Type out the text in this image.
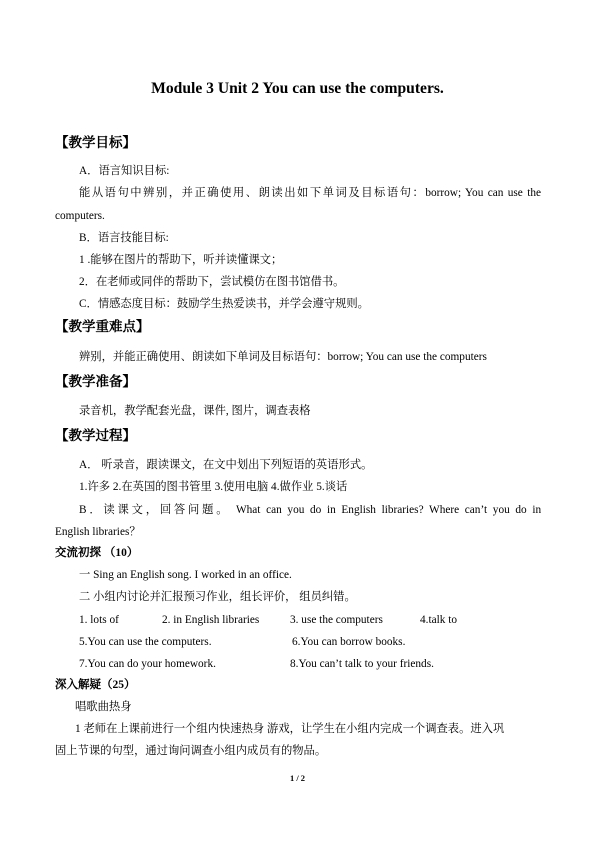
Module 3 Unit 2 You can use the computers.
【教学目标】
A．语言知识目标:
能从语句中辨别，并正确使用、朗读出如下单词及目标语句：borrow; You can use the
computers.
B．语言技能目标:
1 .能够在图片的帮助下，听并读懂课文；
2．在老师或同伴的帮助下，尝试模仿在图书馆借书。
C．情感态度目标：鼓励学生热爱读书，并学会遵守规则。
【教学重难点】
辨别，并能正确使用、朗读如下单词及目标语句：borrow; You can use the computers
【教学准备】
录音机，教学配套光盘，课件, 图片，调查表格
【教学过程】
A． 听录音，跟读课文，在文中划出下列短语的英语形式。
1.许多 2.在英国的图书管里 3.使用电脑 4.做作业 5.谈话
B．读课文，回答问题。 What can you do in English libraries? Where can’t you do in
English libraries？
交流初探 （10）
一 Sing an English song. I worked in an office.
二 小组内讨论并汇报预习作业，组长评价， 组员纠错。
1. lots of	2. in English libraries	3. use the computers	4.talk to
5.You can use the computers.	6.You can borrow books.
7.You can do your homework.	8.You can’t talk to your friends.
深入解疑（25）
唱歌曲热身
1 老师在上课前进行一个组内快速热身 游戏，让学生在小组内完成一个调查表。进入巩
固上节课的句型，通过询问调查小组内成员有的物品。
1 / 2
